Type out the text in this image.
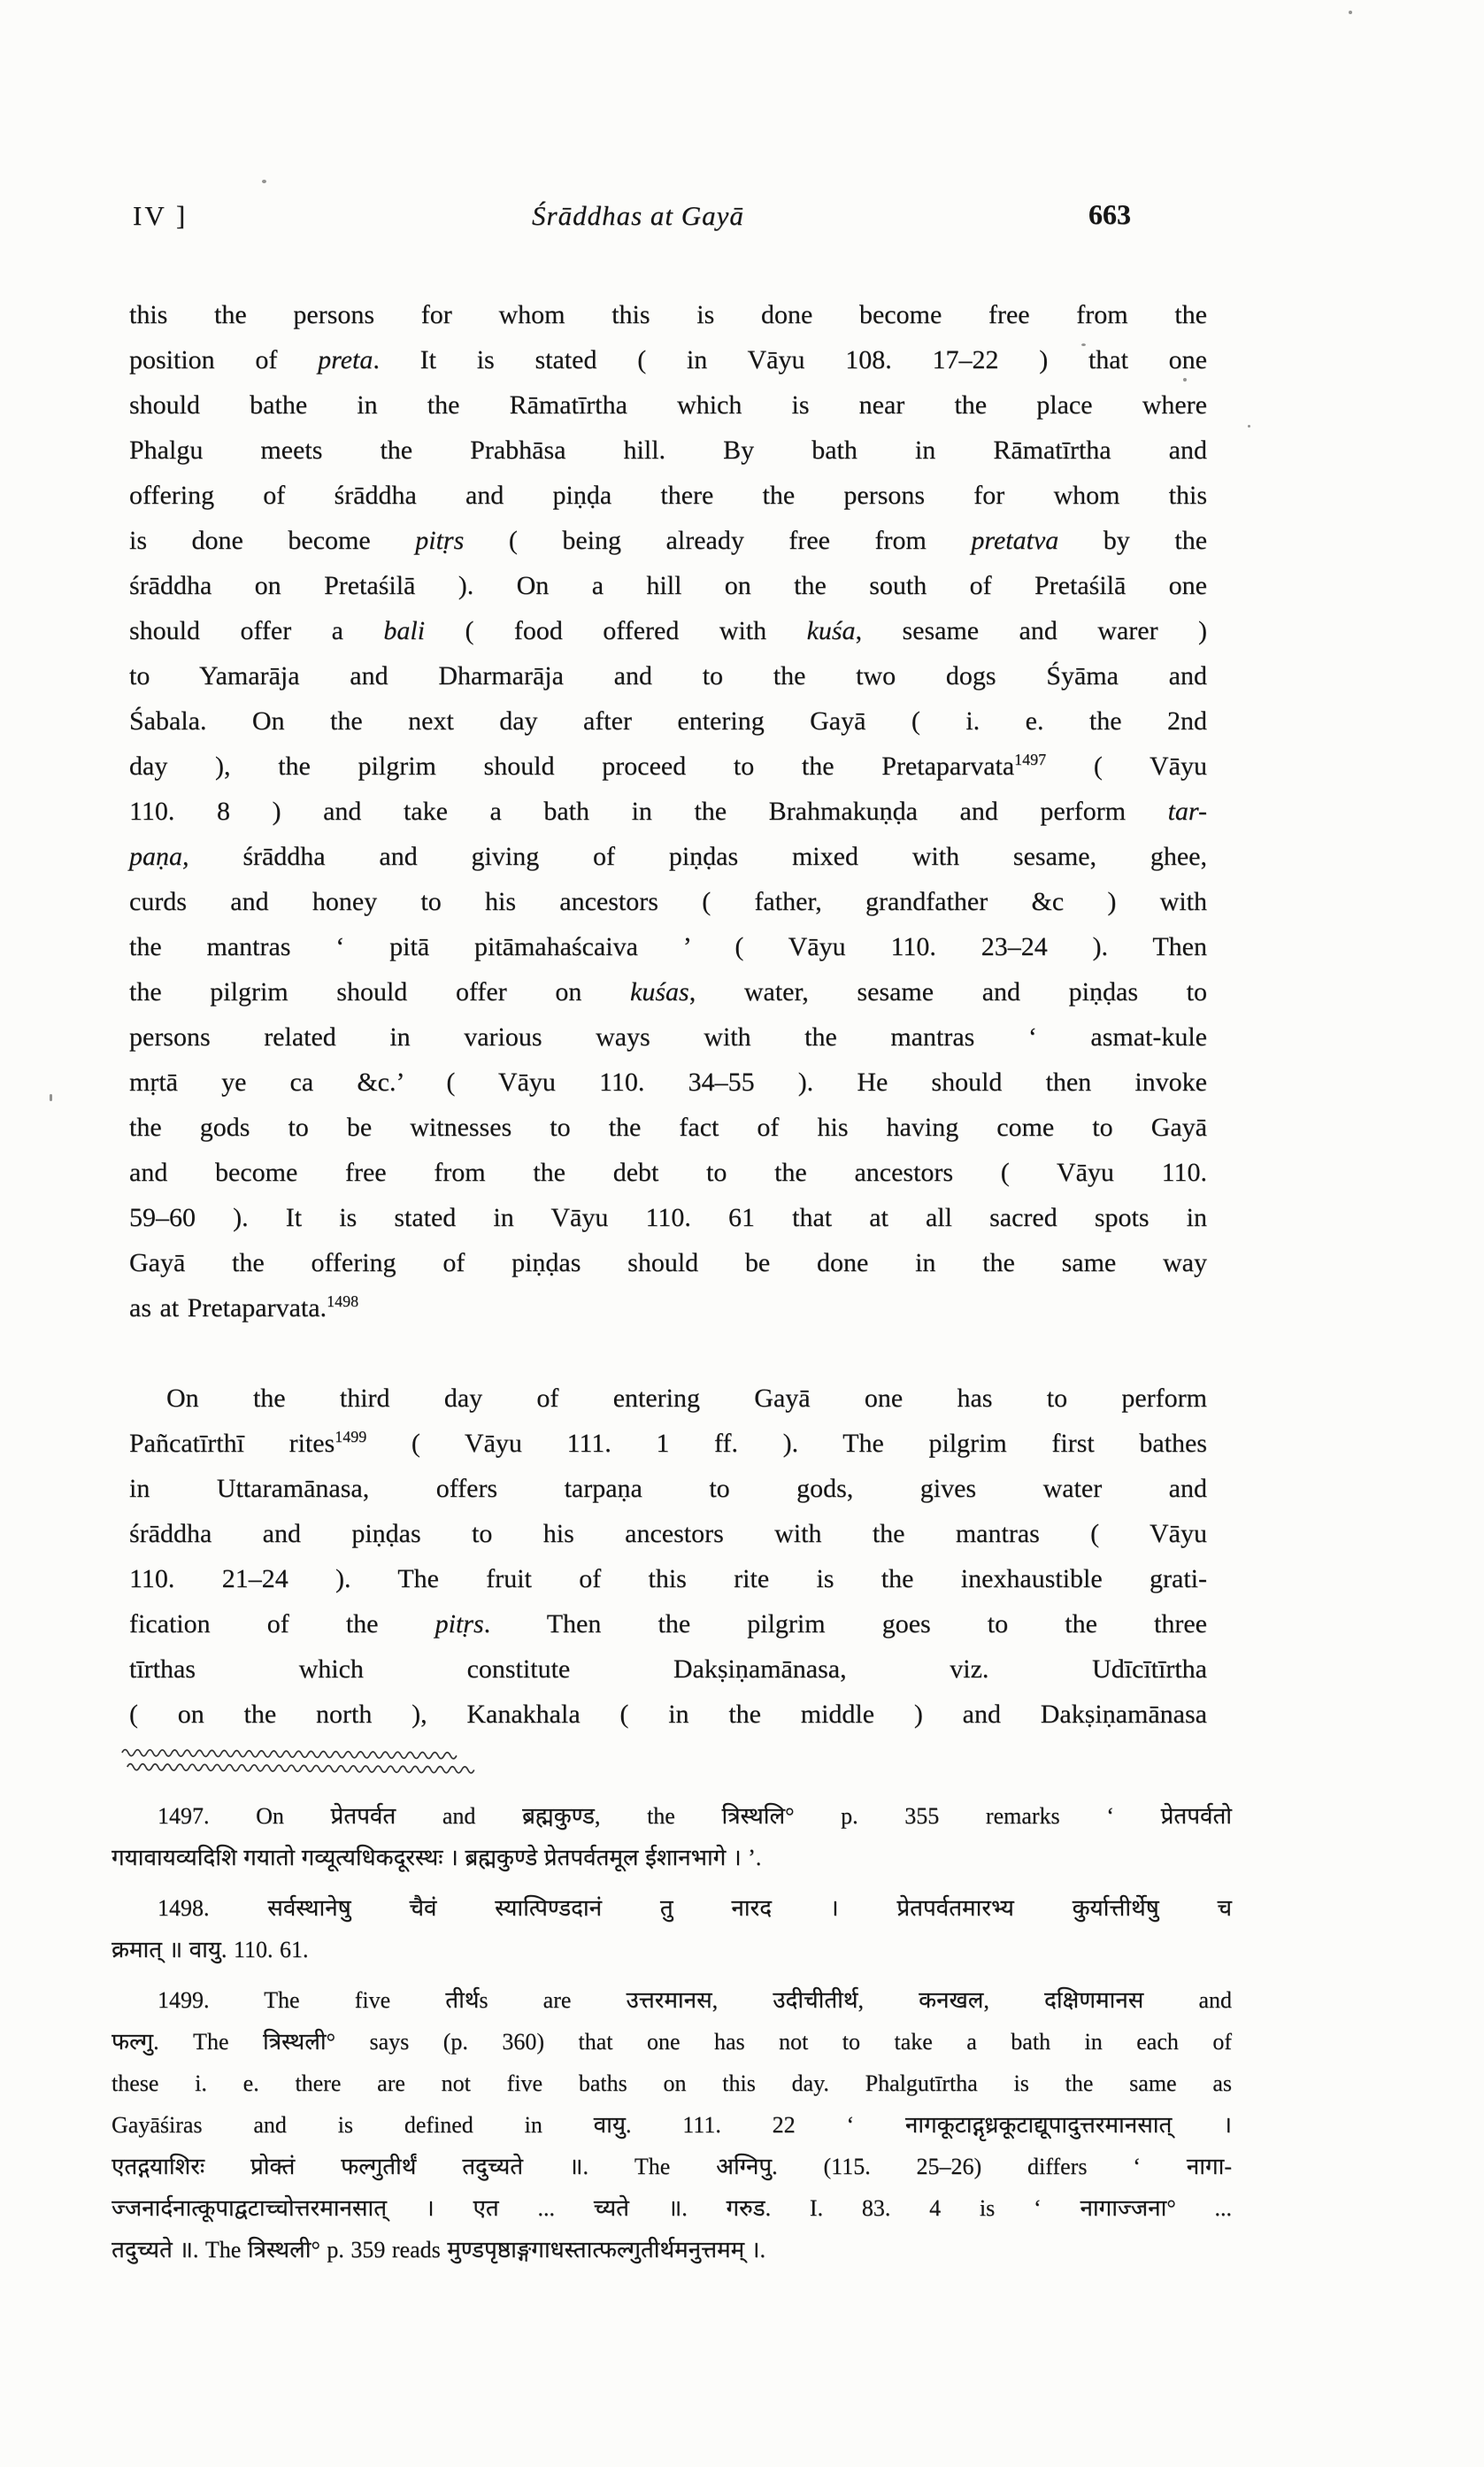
IV ]	Śrāddhas at Gayā	663
this the persons for whom this is done become free from the
position of preta. It is stated ( in Vāyu 108. 17–22 ) that one
should bathe in the Rāmatīrtha which is near the place where
Phalgu meets the Prabhāsa hill. By bath in Rāmatīrtha and
offering of śrāddha and piṇḍa there the persons for whom this
is done become pitṛs ( being already free from pretatva by the
śrāddha on Pretaśilā ). On a hill on the south of Pretaśilā one
should offer a bali ( food offered with kuśa, sesame and warer )
to Yamarāja and Dharmarāja and to the two dogs Śyāma and
Śabala. On the next day after entering Gayā ( i. e. the 2nd
day ), the pilgrim should proceed to the Pretaparvata$^{1497}$ ( Vāyu
110. 8 ) and take a bath in the Brahmakuṇḍa and perform tar-
paṇa, śrāddha and giving of piṇḍas mixed with sesame, ghee,
curds and honey to his ancestors ( father, grandfather &c ) with
the mantras ‘ pitā pitāmahaścaiva ’ ( Vāyu 110. 23–24 ). Then
the pilgrim should offer on kuśas, water, sesame and piṇḍas to
persons related in various ways with the mantras ‘ asmat-kule
mṛtā ye ca &c.’ ( Vāyu 110. 34–55 ). He should then invoke
the gods to be witnesses to the fact of his having come to Gayā
and become free from the debt to the ancestors ( Vāyu 110.
59–60 ). It is stated in Vāyu 110. 61 that at all sacred spots in
Gayā the offering of piṇḍas should be done in the same way
as at Pretaparvata.$^{1498}$
On the third day of entering Gayā one has to perform
Pañcatīrthī rites$^{1499}$ ( Vāyu 111. 1 ff. ). The pilgrim first bathes
in Uttaramānasa, offers tarpaṇa to gods, gives water and
śrāddha and piṇḍas to his ancestors with the mantras ( Vāyu
110. 21–24 ). The fruit of this rite is the inexhaustible grati-
fication of the pitṛs. Then the pilgrim goes to the three
tīrthas which constitute Dakṣiṇamānasa, viz. Udīcītīrtha
( on the north ), Kanakhala ( in the middle ) and Dakṣiṇamānasa
1497. On प्रेतपर्वत and ब्रह्मकुण्ड, the त्रिस्थलि° p. 355 remarks ‘ प्रेतपर्वतो
गयावायव्यदिशि गयातो गव्यूत्यधिकदूरस्थः । ब्रह्मकुण्डे प्रेतपर्वतमूल ईशानभागे । ’.
1498. सर्वस्थानेषु चैवं स्यात्पिण्डदानं तु नारद । प्रेतपर्वतमारभ्य कुर्यात्तीर्थेषु च
क्रमात् ॥ वायु. 110. 61.
1499. The five तीर्थs are उत्तरमानस, उदीचीतीर्थ, कनखल, दक्षिणमानस and
फल्गु. The त्रिस्थली° says (p. 360) that one has not to take a bath in each of
these i. e. there are not five baths on this day. Phalgutīrtha is the same as
Gayāśiras and is defined in वायु. 111. 22 ‘ नागकूटाद्गृध्रकूटाद्यूपादुत्तरमानसात् ।
एतद्गयाशिरः प्रोक्तं फल्गुतीर्थं तदुच्यते ॥. The अग्निपु. (115. 25–26) differs ‘ नागा-
ज्जनार्दनात्कूपाद्वटाच्चोत्तरमानसात् । एत ... च्यते ॥. गरुड. I. 83. 4 is ‘ नागाज्जना° ...
तदुच्यते ॥. The त्रिस्थली° p. 359 reads मुण्डपृष्ठाङ्गगाधस्तात्फल्गुतीर्थमनुत्तमम् ।.
